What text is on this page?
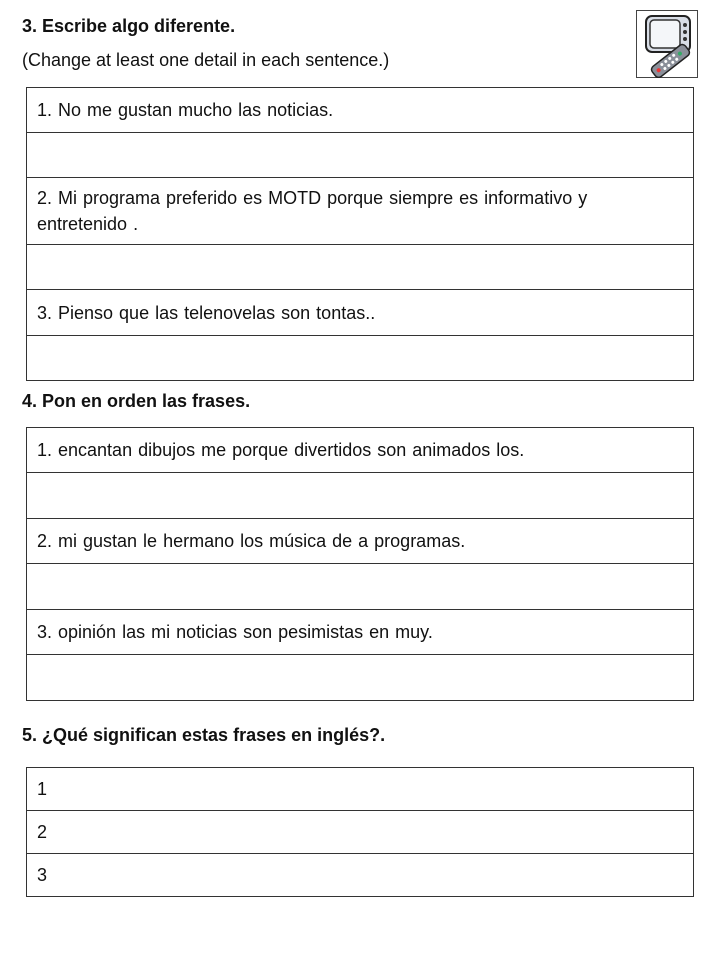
3. Escribe algo diferente.
(Change at least one detail in each sentence.)
1. No me gustan mucho las noticias.

2. Mi programa preferido es MOTD porque siempre es informativo y entretenido .

3. Pienso que las telenovelas son tontas..

4. Pon en orden las frases.
1. encantan dibujos me porque divertidos son animados los.

2. mi gustan le hermano los música de a programas.

3. opinión las mi noticias son pesimistas en muy.

5. ¿Qué significan estas frases en inglés?.
1
2
3
